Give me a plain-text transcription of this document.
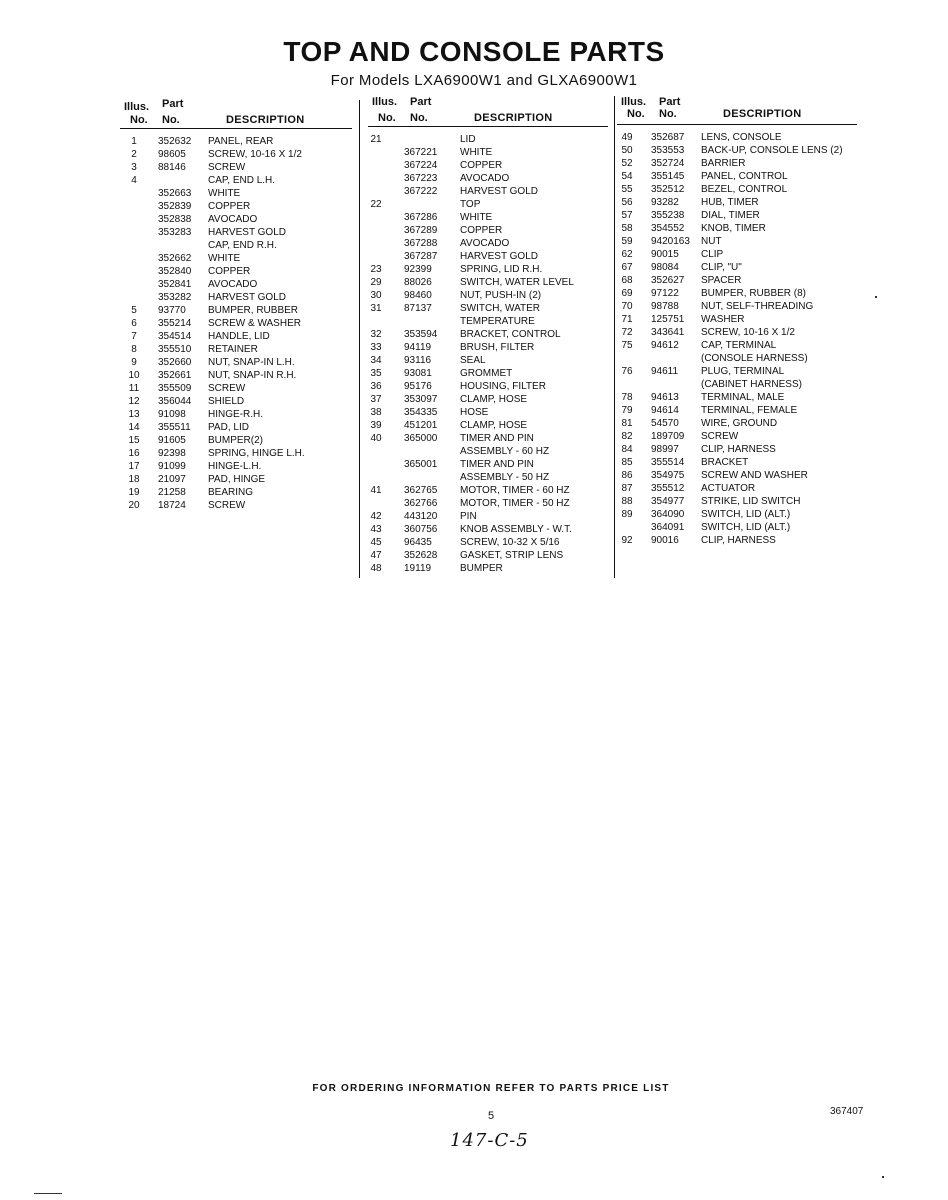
TOP AND CONSOLE PARTS
For Models LXA6900W1 and GLXA6900W1
Illus. Part
No. No.	DESCRIPTION
1	352632 PANEL, REAR
2	98605 SCREW, 10-16 X 1/2
3	88146 SCREW
4	CAP, END L.H.
352663 WHITE
352839 COPPER
352838 AVOCADO
353283 HARVEST GOLD
CAP, END R.H.
352662 WHITE
352840 COPPER
352841 AVOCADO
353282 HARVEST GOLD
5	93770 BUMPER, RUBBER
6	355214 SCREW & WASHER
7	354514 HANDLE, LID
8	355510 RETAINER
9	352660 NUT, SNAP-IN L.H.
10	352661 NUT, SNAP-IN R.H.
11	355509 SCREW
12	356044 SHIELD
13	91098 HINGE-R.H.
14	355511 PAD, LID
15	91605 BUMPER(2)
16	92398 SPRING, HINGE L.H.
17	91099 HINGE-L.H.
18	21097 PAD, HINGE
19	21258 BEARING
20	18724 SCREW
Illus. Part
No. No.	DESCRIPTION
21	LID
367221 WHITE
367224 COPPER
367223 AVOCADO
367222 HARVEST GOLD
22	TOP
367286 WHITE
367289 COPPER
367288 AVOCADO
367287 HARVEST GOLD
23	92399	SPRING, LID R.H.
29	88026	SWITCH, WATER LEVEL
30	98460	NUT, PUSH-IN (2)
31	87137	SWITCH, WATER
TEMPERATURE
32	353594 BRACKET, CONTROL
33	94119	BRUSH, FILTER
34	93116	SEAL
35	93081	GROMMET
36	95176	HOUSING, FILTER
37	353097 CLAMP, HOSE
38	354335 HOSE
39	451201 CLAMP, HOSE
40	365000 TIMER AND PIN
ASSEMBLY - 60 HZ
365001 TIMER AND PIN
ASSEMBLY - 50 HZ
41	362765 MOTOR, TIMER - 60 HZ
362766 MOTOR, TIMER - 50 HZ
42	443120 PIN
43	360756 KNOB ASSEMBLY - W.T.
45	96435	SCREW, 10-32 X 5/16
47	352628 GASKET, STRIP LENS
48	19119	BUMPER
Illus. Part
No. No.	DESCRIPTION
49	352687 LENS, CONSOLE
50	353553 BACK-UP, CONSOLE LENS (2)
52	352724 BARRIER
54	355145 PANEL, CONTROL
55	352512 BEZEL, CONTROL
56	93282 HUB, TIMER
57	355238 DIAL, TIMER
58	354552 KNOB, TIMER
59	9420163 NUT
62	90015 CLIP
67	98084 CLIP, "U"
68	352627 SPACER
69	97122 BUMPER, RUBBER (8)
70	98788 NUT, SELF-THREADING
71	125751 WASHER
72	343641 SCREW, 10-16 X 1/2
75	94612 CAP, TERMINAL
(CONSOLE HARNESS)
76	94611 PLUG, TERMINAL
(CABINET HARNESS)
78	94613 TERMINAL, MALE
79	94614 TERMINAL, FEMALE
81	54570 WIRE, GROUND
82	189709 SCREW
84	98997 CLIP, HARNESS
85	355514 BRACKET
86	354975 SCREW AND WASHER
87	355512 ACTUATOR
88	354977 STRIKE, LID SWITCH
89	364090 SWITCH, LID (ALT.)
364091 SWITCH, LID (ALT.)
92	90016 CLIP, HARNESS
FOR ORDERING INFORMATION REFER TO PARTS PRICE LIST
5	367407
147-C-5
